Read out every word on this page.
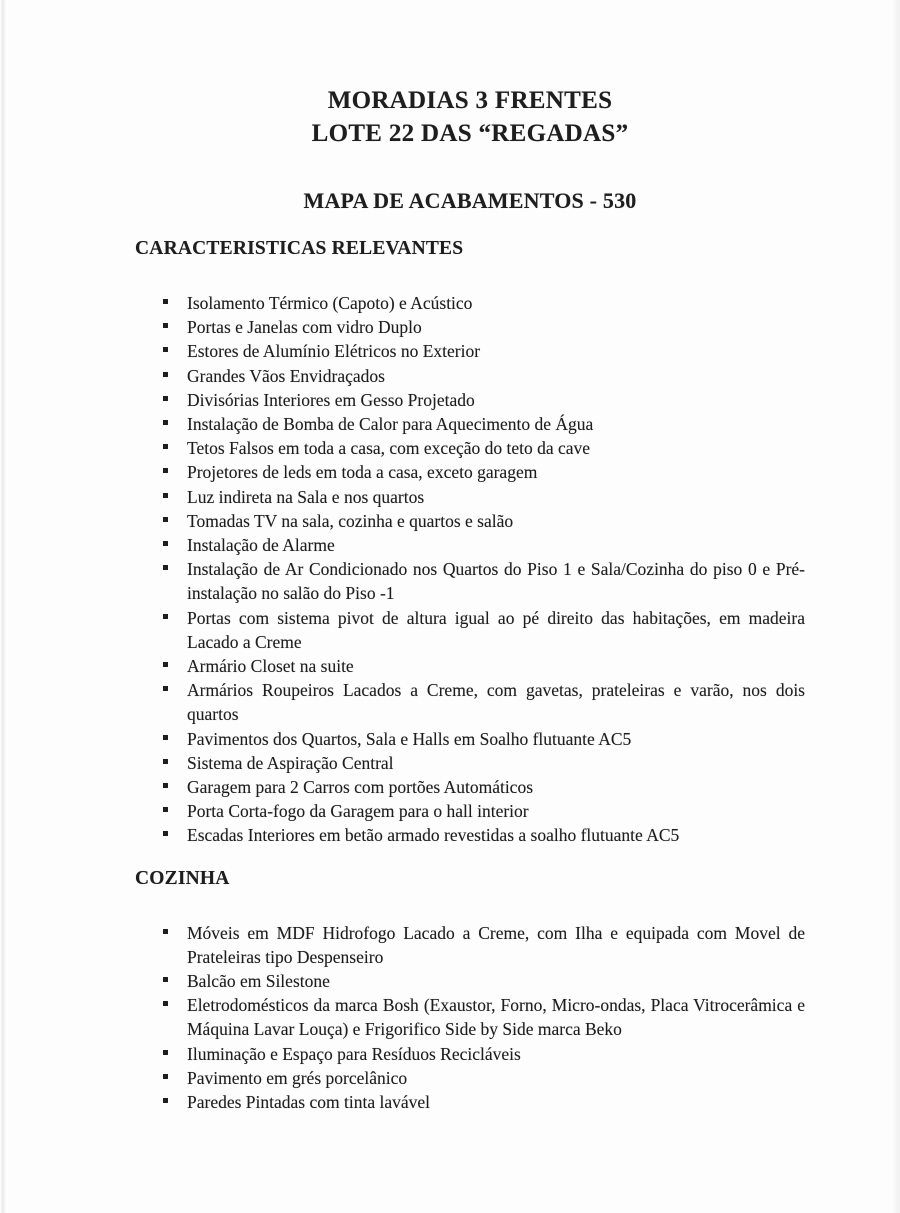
MORADIAS 3 FRENTES
LOTE 22 DAS “REGADAS”
MAPA DE ACABAMENTOS - 530
CARACTERISTICAS RELEVANTES
Isolamento Térmico (Capoto) e Acústico
Portas e Janelas com vidro Duplo
Estores de Alumínio Elétricos no Exterior
Grandes Vãos Envidraçados
Divisórias Interiores em Gesso Projetado
Instalação de Bomba de Calor para Aquecimento de Água
Tetos Falsos em toda a casa, com exceção do teto da cave
Projetores de leds em toda a casa, exceto garagem
Luz indireta na Sala e nos quartos
Tomadas TV na sala, cozinha e quartos e salão
Instalação de Alarme
Instalação de Ar Condicionado nos Quartos do Piso 1 e Sala/Cozinha do piso 0 e Pré-instalação no salão do Piso -1
Portas com sistema pivot de altura igual ao pé direito das habitações, em madeira Lacado a Creme
Armário Closet na suite
Armários Roupeiros Lacados a Creme, com gavetas, prateleiras e varão, nos dois quartos
Pavimentos dos Quartos, Sala e Halls em Soalho flutuante AC5
Sistema de Aspiração Central
Garagem para 2 Carros com portões Automáticos
Porta Corta-fogo da Garagem para o hall interior
Escadas Interiores em betão armado revestidas a soalho flutuante AC5
COZINHA
Móveis em MDF Hidrofogo Lacado a Creme, com Ilha e equipada com Movel de Prateleiras tipo Despenseiro
Balcão em Silestone
Eletrodomésticos da marca Bosh (Exaustor, Forno, Micro-ondas, Placa Vitrocerâmica e Máquina Lavar Louça) e Frigorifico Side by Side marca Beko
Iluminação e Espaço para Resíduos Recicláveis
Pavimento em grés porcelânico
Paredes Pintadas com tinta lavável
